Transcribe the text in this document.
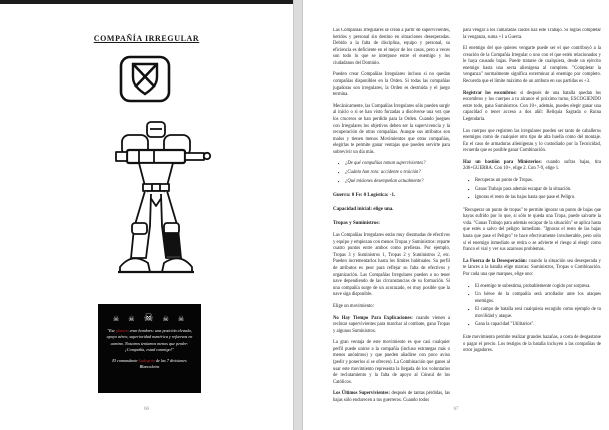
COMPAÑÍA IRREGULAR
☠ ☠ ☠ ☠ ☠
"Ese planeta eran hombres: una posición elevada, apoyo aéreo, superioridad numérica y refuerzos en camino. Nosotros teníamos menos que perder: ¡Compañía, estad conmigo!"
El comandante Ludegrán de las 7 divisiones Blancaletra
66

Las Compañías Irregulares se crean a partir de supervivientes, heridos y personal sin destino en situaciones desesperadas. Debido a la falta de disciplina, equipo y personal, su eficiencia es deficiente en el mejor de los casos, pero a veces son todo lo que se interpone entre el enemigo y los ciudadanos del Dominio.

Pueden crear Compañías Irregulares incluso si no quedan compañías disponibles en la Orden. Si todas las compañías jugadoras son irregulares, la Orden es destruida y el juego termina.

Mecánicamente, las Compañías Irregulares sólo pueden surgir al inicio o si se han visto forzadas a disolverse una vez que los cruceros se han perdido para la Orden. Cuando juegues con Irregulares los objetivos deben ser la supervivencia y la recuperación de otras compañías. Aunque sus atributos son malos y tienen menos Movimientos que otras compañías, elegirlas te permite ganar ventajas que pueden servirte para sobrevivir un día más.

▪ ¿De qué compañías toman supervivientes?
▪ ¿Cuánto han roto: accidente o traición?
▪ ¿Qué misiones desempeñan actualmente?
Guerra: 0 Fe: 0 Logística: -1.
Capacidad inicial: elige una.
Tropas y Suministros:

Las Compañías Irregulares están muy diezmadas de efectivos y equipo y empiezan con menos Tropas y Suministros: reparte cuatro puntos entre ambos como prefieras. Por ejemplo, Tropas 3 y Suministros 1, Tropas 2 y Suministros 2, etc. Pueden incrementarlos hasta los límites habituales. Su perfil de atributos es peor para reflejar su falta de efectivos y organización. Las Compañías Irregulares pueden o no tener nave dependiendo de las circunstancias de su formación. Si una compañía surge de un acorazado, es muy posible que la nave siga disponible.

Elige un movimiento:

No Hay Tiempo Para Explicaciones: cuando vienen a reclutar supervivientes para marchar al combate, gana Tropas y algunos Suministros.

La gran ventaja de este movimiento es que casi cualquier perfil puede unirse a la compañía (incluso estrategas más o menos anónimos) y que pueden añadirse con poco aviso (pedir y ponerlos si se ofrecen). La Combinación que ganes al usar este movimiento representa la llegada de los voluntarios de reclutamiento y la falta de apoyo al Cónsul de los Católicos.

Los Últimos Supervivientes: después de tantas pérdidas, las bajas sólo endurecen a tus guerreros. Cuando todos

para vengar a los camaradas caídos haz este Trabajo. Si logras completar la venganza, suma +1 a Guerra.

El enemigo del que quieres vengarte puede ser el que contribuyó a la creación de la Compañía Irregular o uno con el que estén relacionados y le haya causado bajas. Puede tratarse de cualquiera, desde un ejército enemigo hasta una secta alienígena al completo. "Completar la venganza" normalmente significa exterminar al enemigo por completo. Recuerda que el límite máximo de un atributo en sus partidas es +3.

Registrar los escombros: si después de una batalla quedan los escombros y los cuerpos a tu alcance el próximo turno, ESCOGIENDO entre todo, gana Suministros. Con 10+, además, puedes elegir ganar una capacidad o tener acceso a dos añil: Reliquia Sagrada o Ruina Legendaria.

Los cuerpos que registren las irregulares pueden ser tanto de caballeros enemigos como de cualquier otro tipo de alta huella como del montaje. En el caso de armaduras alienígenas y lo custodiado por la Tecnicidad, recuerda que es posible ganar Combinación.

Haz un bastión para Ministerios: cuando sufras bajas, tira 2d6+GUERRA. Con 10+, elige 2. Con 7-9, elige 1.

▪ Recuperas un punto de Tropas.
▪ Ganas Trabajo para además escapar de la situación.
▪ Ignoras el resto de las bajas hasta que pase el Peligro.

"Recuperar un punto de tropas" te permite ignorar un punto de bajas que hayas sufrido por lo que, si sólo te queda una Tropa, puede salvarte la vida. "Ganas Trabajo para además escapar de la situación" se aplica hasta que estés a salvo del peligro inmediato. "Ignoras el resto de las bajas hasta que pase el Peligro" te hace efectivamente invulnerable, pero sólo si el enemigo inmediato se retira o se advierte el riesgo al elegir como franco el vial y ver sus azarosos problemas.

La Fuerza de la Desesperación: cuando la situación sea desesperada y te lances a la batalla elige marcas: Suministros, Tropas o Combinación. Por cada una que marques, elige uno:

▪ El enemigo te subestima, probablemente cogido por sorpresa.
▪ Un héroe de la compañía será arrollador ante los ataques enemigos.
▪ El campo de batalla será cualquiera escogido como ejemplo de tu movilidad y ataque.
▪ Gana la capacidad "Utilitarios".

Este movimiento permite realizar grandes hazañas, a costa de desgastarse o pagar el precio. Los testigos de la batalla incluyen a las compañías de otros jugadores.

67
